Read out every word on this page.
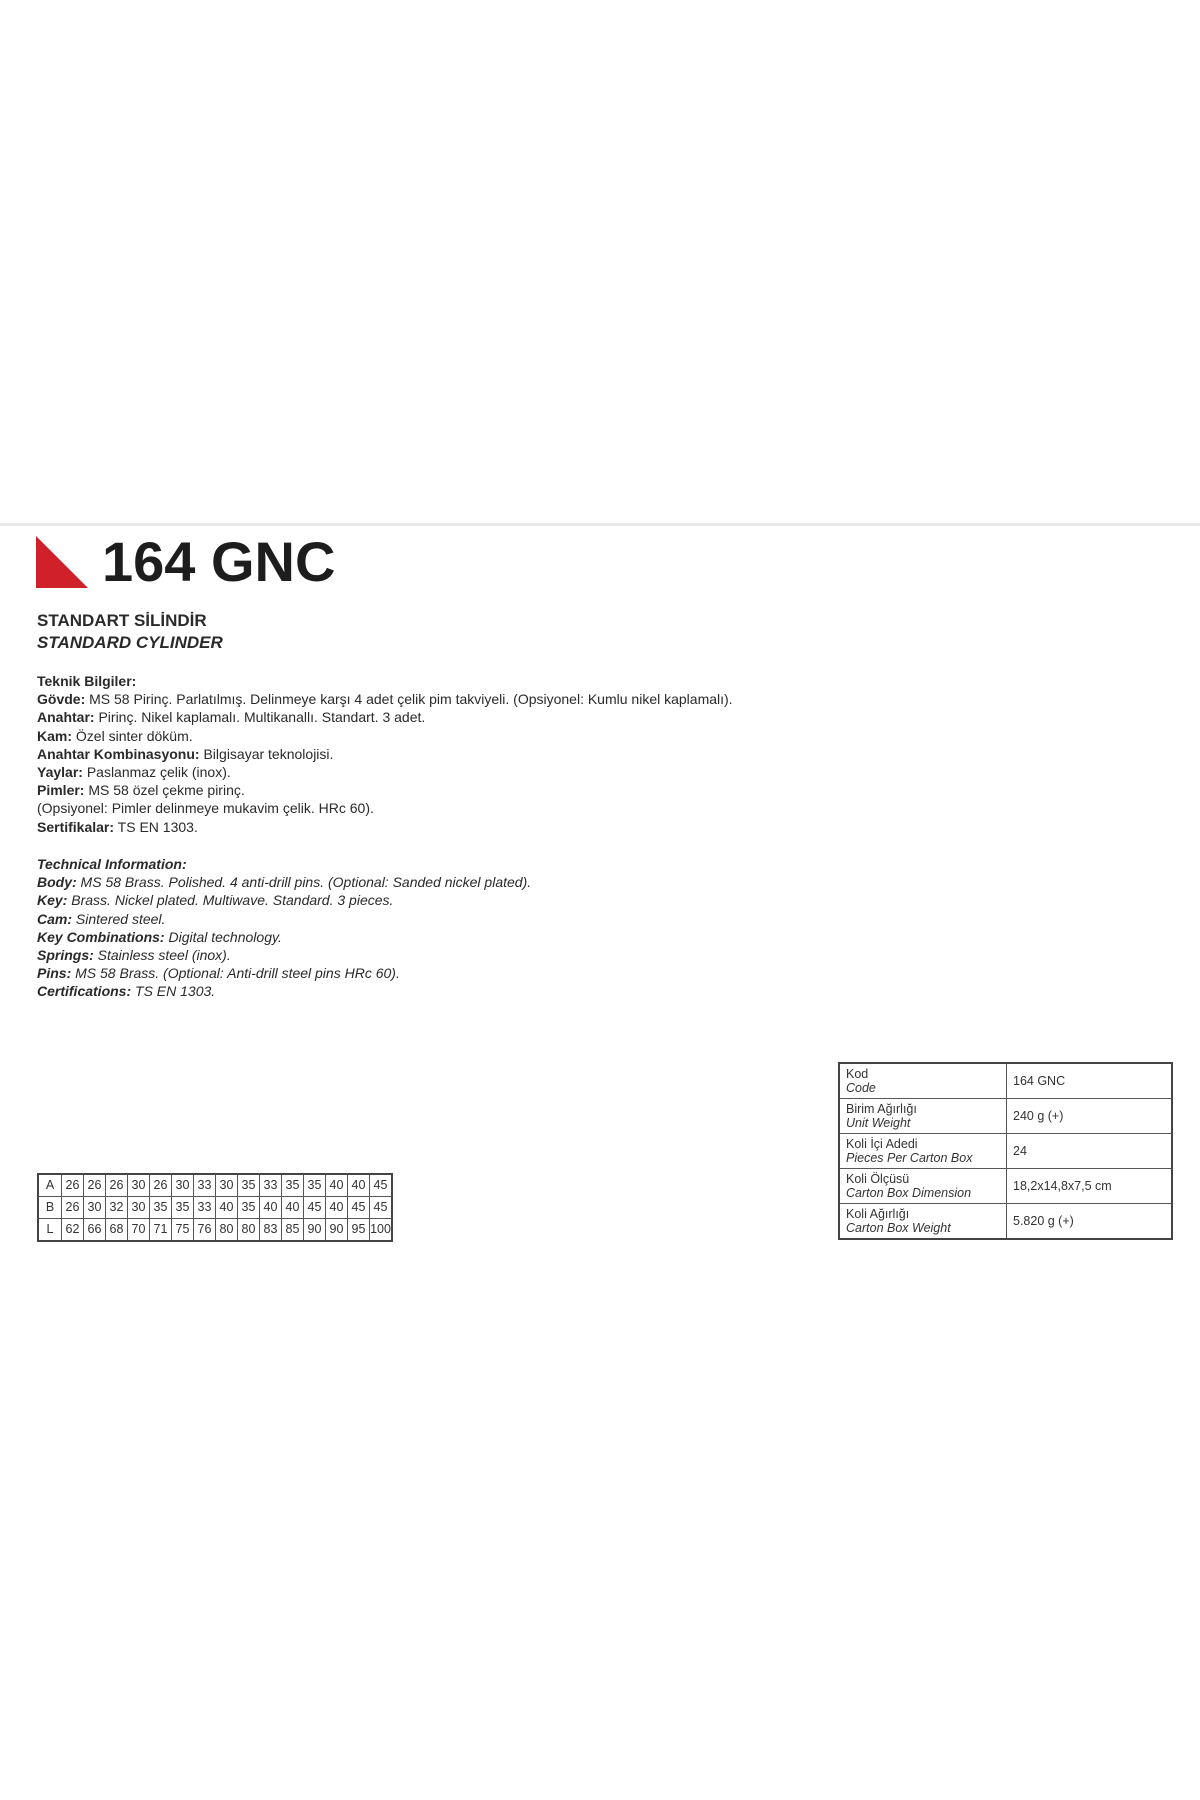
164 GNC
STANDART SİLİNDİR
STANDARD CYLINDER
Teknik Bilgiler:
Gövde: MS 58 Pirinç. Parlatılmış. Delinmeye karşı 4 adet çelik pim takviyeli. (Opsiyonel: Kumlu nikel kaplamalı).
Anahtar: Pirinç. Nikel kaplamalı. Multikanallı. Standart. 3 adet.
Kam: Özel sinter döküm.
Anahtar Kombinasyonu: Bilgisayar teknolojisi.
Yaylar: Paslanmaz çelik (inox).
Pimler: MS 58 özel çekme pirinç.
(Opsiyonel: Pimler delinmeye mukavim çelik. HRc 60).
Sertifikalar: TS EN 1303.
Technical Information:
Body: MS 58 Brass. Polished. 4 anti-drill pins. (Optional: Sanded nickel plated).
Key: Brass. Nickel plated. Multiwave. Standard. 3 pieces.
Cam: Sintered steel.
Key Combinations: Digital technology.
Springs: Stainless steel (inox).
Pins: MS 58 Brass. (Optional: Anti-drill steel pins HRc 60).
Certifications: TS EN 1303.
A	26	26	26	30	26	30	33	30	35	33	35	35	40	40	45
B	26	30	32	30	35	35	33	40	35	40	40	45	40	45	45
L	62	66	68	70	71	75	76	80	80	83	85	90	90	95	100
Kod
Code	164 GNC

Birim Ağırlığı
Unit Weight	240 g (+)

Koli İçi Adedi
Pieces Per Carton Box	24

Koli Ölçüsü
Carton Box Dimension	18,2x14,8x7,5 cm

Koli Ağırlığı
Carton Box Weight	5.820 g (+)
